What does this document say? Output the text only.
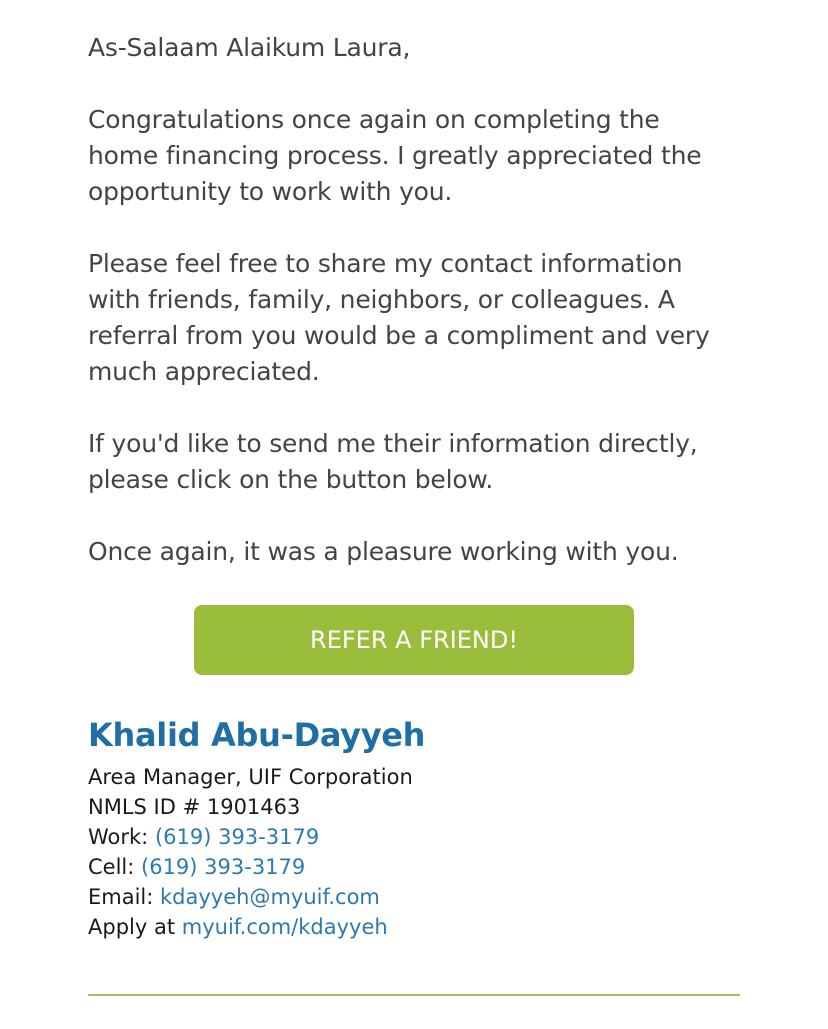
As-Salaam Alaikum Laura,

Congratulations once again on completing the
home financing process. I greatly appreciated the
opportunity to work with you.

Please feel free to share my contact information
with friends, family, neighbors, or colleagues. A
referral from you would be a compliment and very
much appreciated.

If you'd like to send me their information directly,
please click on the button below.

Once again, it was a pleasure working with you.

REFER A FRIEND!

Khalid Abu-Dayyeh

Area Manager, UIF Corporation

NMLS ID # 1901463

Work: (619) 393-3179

Cell: (619) 393-3179

Email: kdayyeh@myuif.com

Apply at myuif.com/kdayyeh
